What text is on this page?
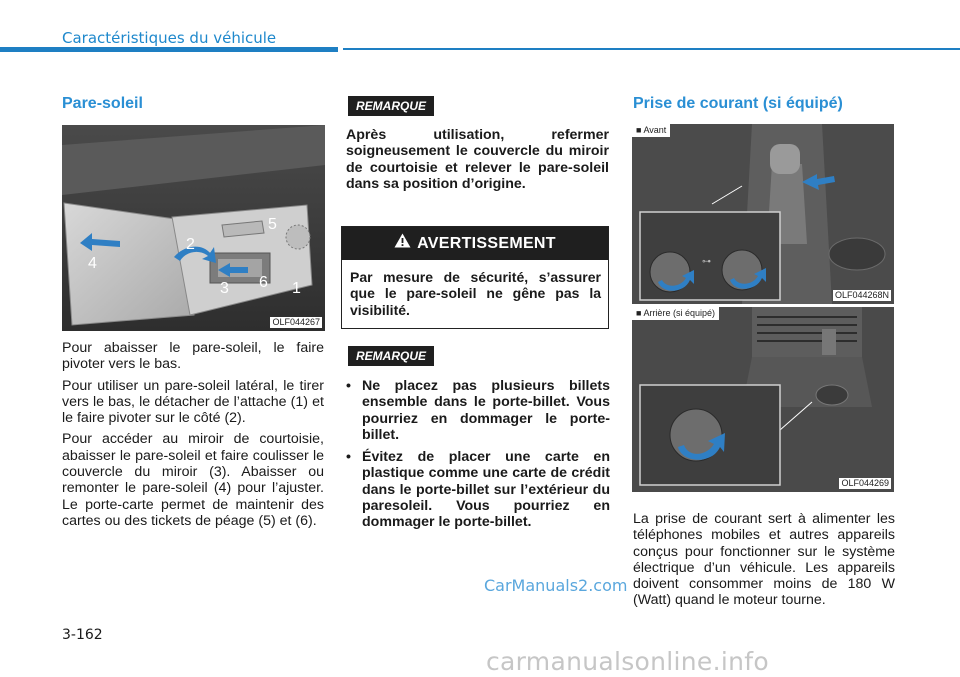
Caractéristiques du véhicule
Pare-soleil
1
2
3
4
5
6
OLF044267

Pour abaisser le pare-soleil, le faire pivoter vers le bas.

Pour utiliser un pare-soleil latéral, le tirer vers le bas, le détacher de l’attache (1) et le faire pivoter sur le côté (2).

Pour accéder au miroir de courtoisie, abaisser le pare-soleil et faire coulisser le couvercle du miroir (3). Abaisser ou remonter le pare-soleil (4) pour l’ajuster. Le porte-carte permet de maintenir des cartes ou des tickets de péage (5) et (6).

REMARQUE
Après utilisation, refermer soigneusement le couvercle du miroir de courtoisie et relever le pare-soleil dans sa position d’origine.
AVERTISSEMENT
Par mesure de sécurité, s’assurer que le pare-soleil ne gêne pas la visibilité.
REMARQUE
• Ne placez pas plusieurs billets ensemble dans le porte-billet. Vous pourriez en dommager le porte-billet.
• Évitez de placer une carte en plastique comme une carte de crédit dans le porte-billet sur l’extérieur du paresoleil. Vous pourriez en dommager le porte-billet.
Prise de courant (si équipé)
⊶
■ Avant
OLF044268N
■ Arrière (si équipé)
OLF044269
La prise de courant sert à alimenter les téléphones mobiles et autres appareils conçus pour fonctionner sur le système électrique d’un véhicule. Les appareils doivent consommer moins de 180 W (Watt) quand le moteur tourne.
3-162
CarManuals2.com
carmanualsonline.info
